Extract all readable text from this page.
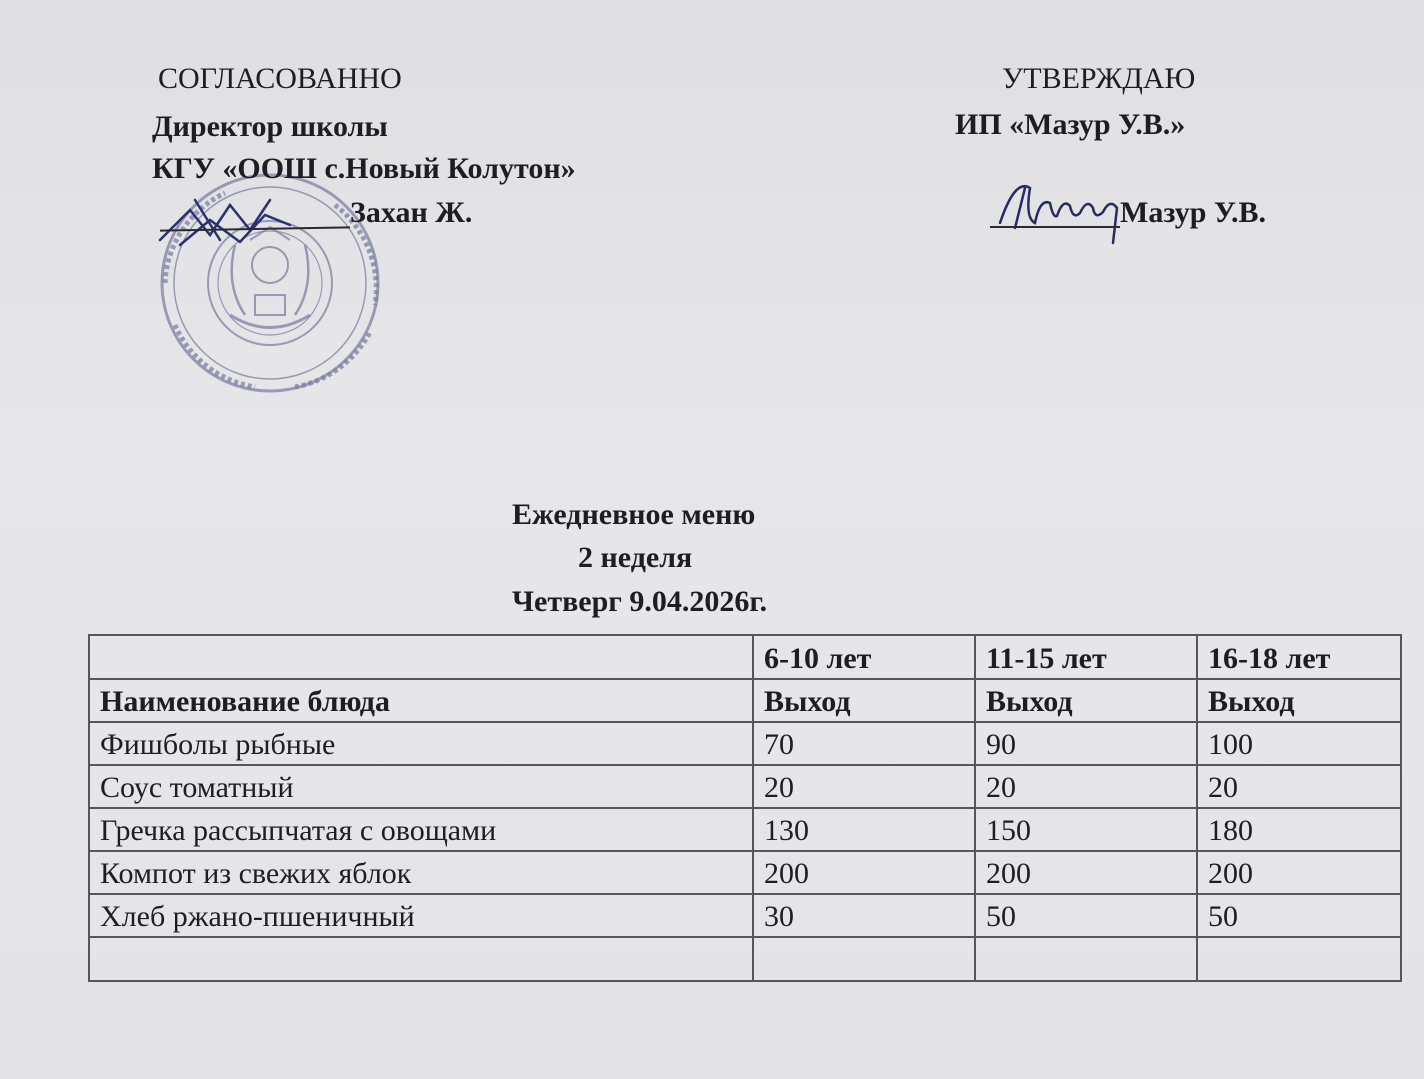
СОГЛАСОВАННО
Директор школы
КГУ «ООШ с.Новый Колутон»
Захан Ж.
УТВЕРЖДАЮ
ИП «Мазур У.В.»
Мазур У.В.
Ежедневное меню
2 неделя
Четверг 9.04.2026г.
	6-10 лет	11-15 лет	16-18 лет
Наименование блюда	Выход	Выход	Выход
Фишболы рыбные	70	90	100
Соус томатный	20	20	20
Гречка рассыпчатая с овощами	130	150	180
Компот из свежих яблок	200	200	200
Хлеб ржано-пшеничный	30	50	50
